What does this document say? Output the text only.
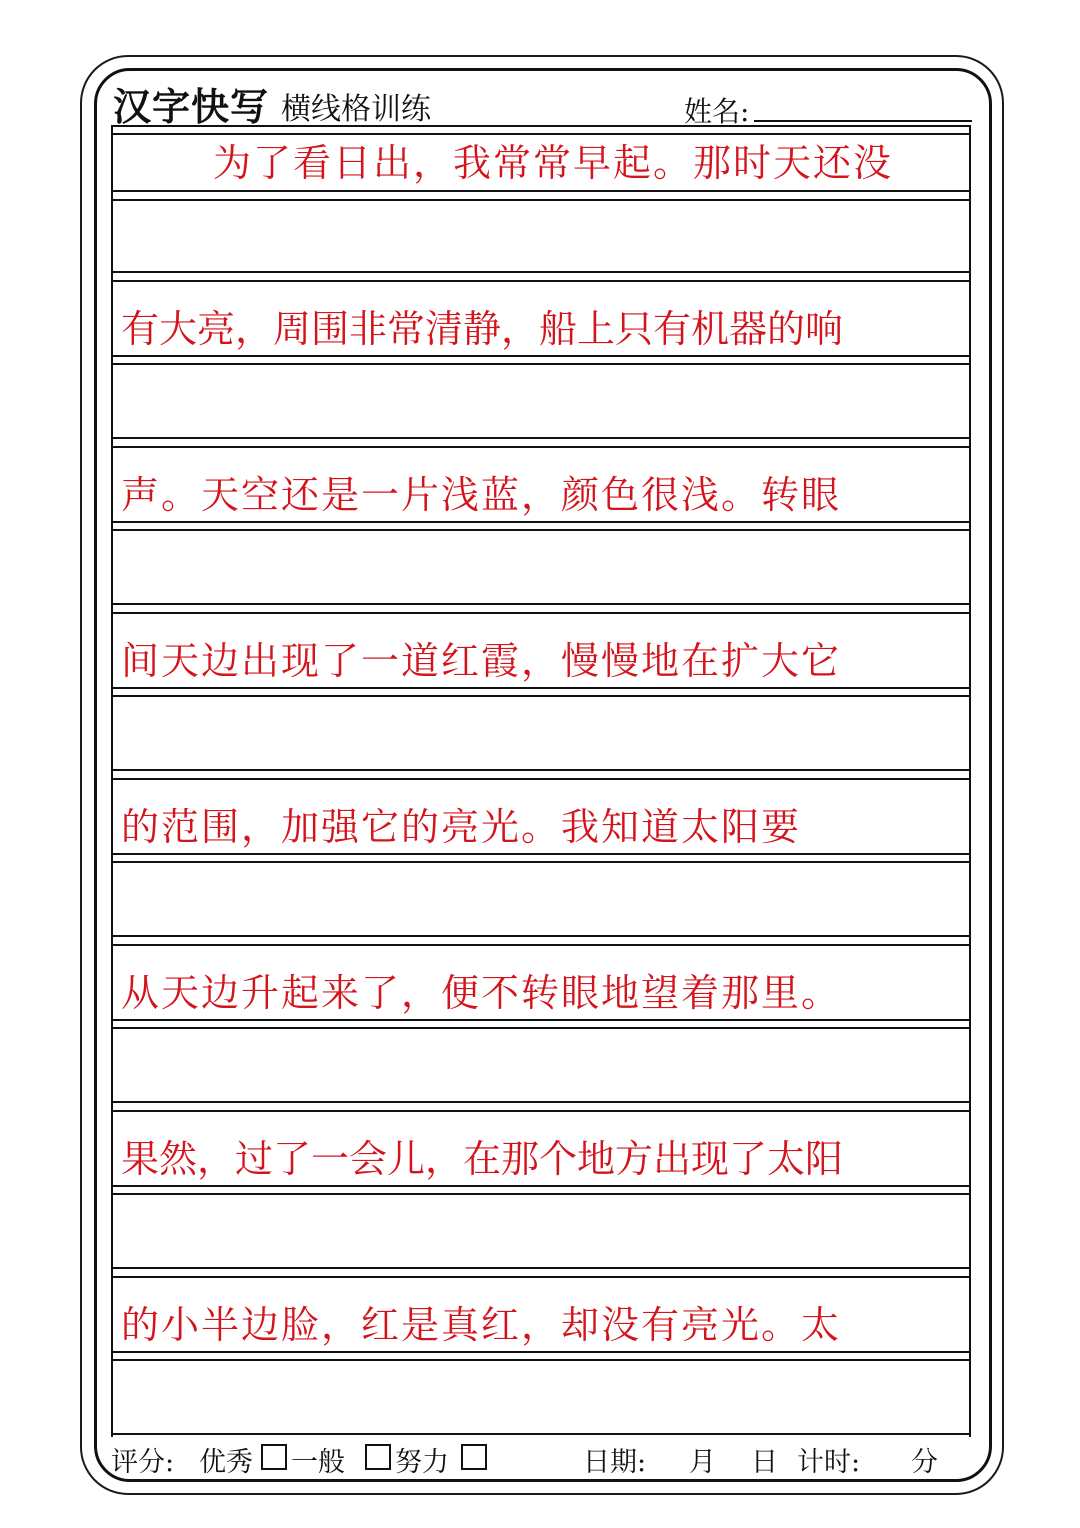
汉字快写 横线格训练	姓名:
为了看日出，我常常早起。那时天还没
有大亮，周围非常清静，船上只有机器的响
声。天空还是一片浅蓝，颜色很浅。转眼
间天边出现了一道红霞，慢慢地在扩大它
的范围，加强它的亮光。我知道太阳要
从天边升起来了，便不转眼地望着那里。
果然，过了一会儿，在那个地方出现了太阳
的小半边脸，红是真红，却没有亮光。太
评分: 优秀 一般 努力	日期: 月 日 计时: 分
